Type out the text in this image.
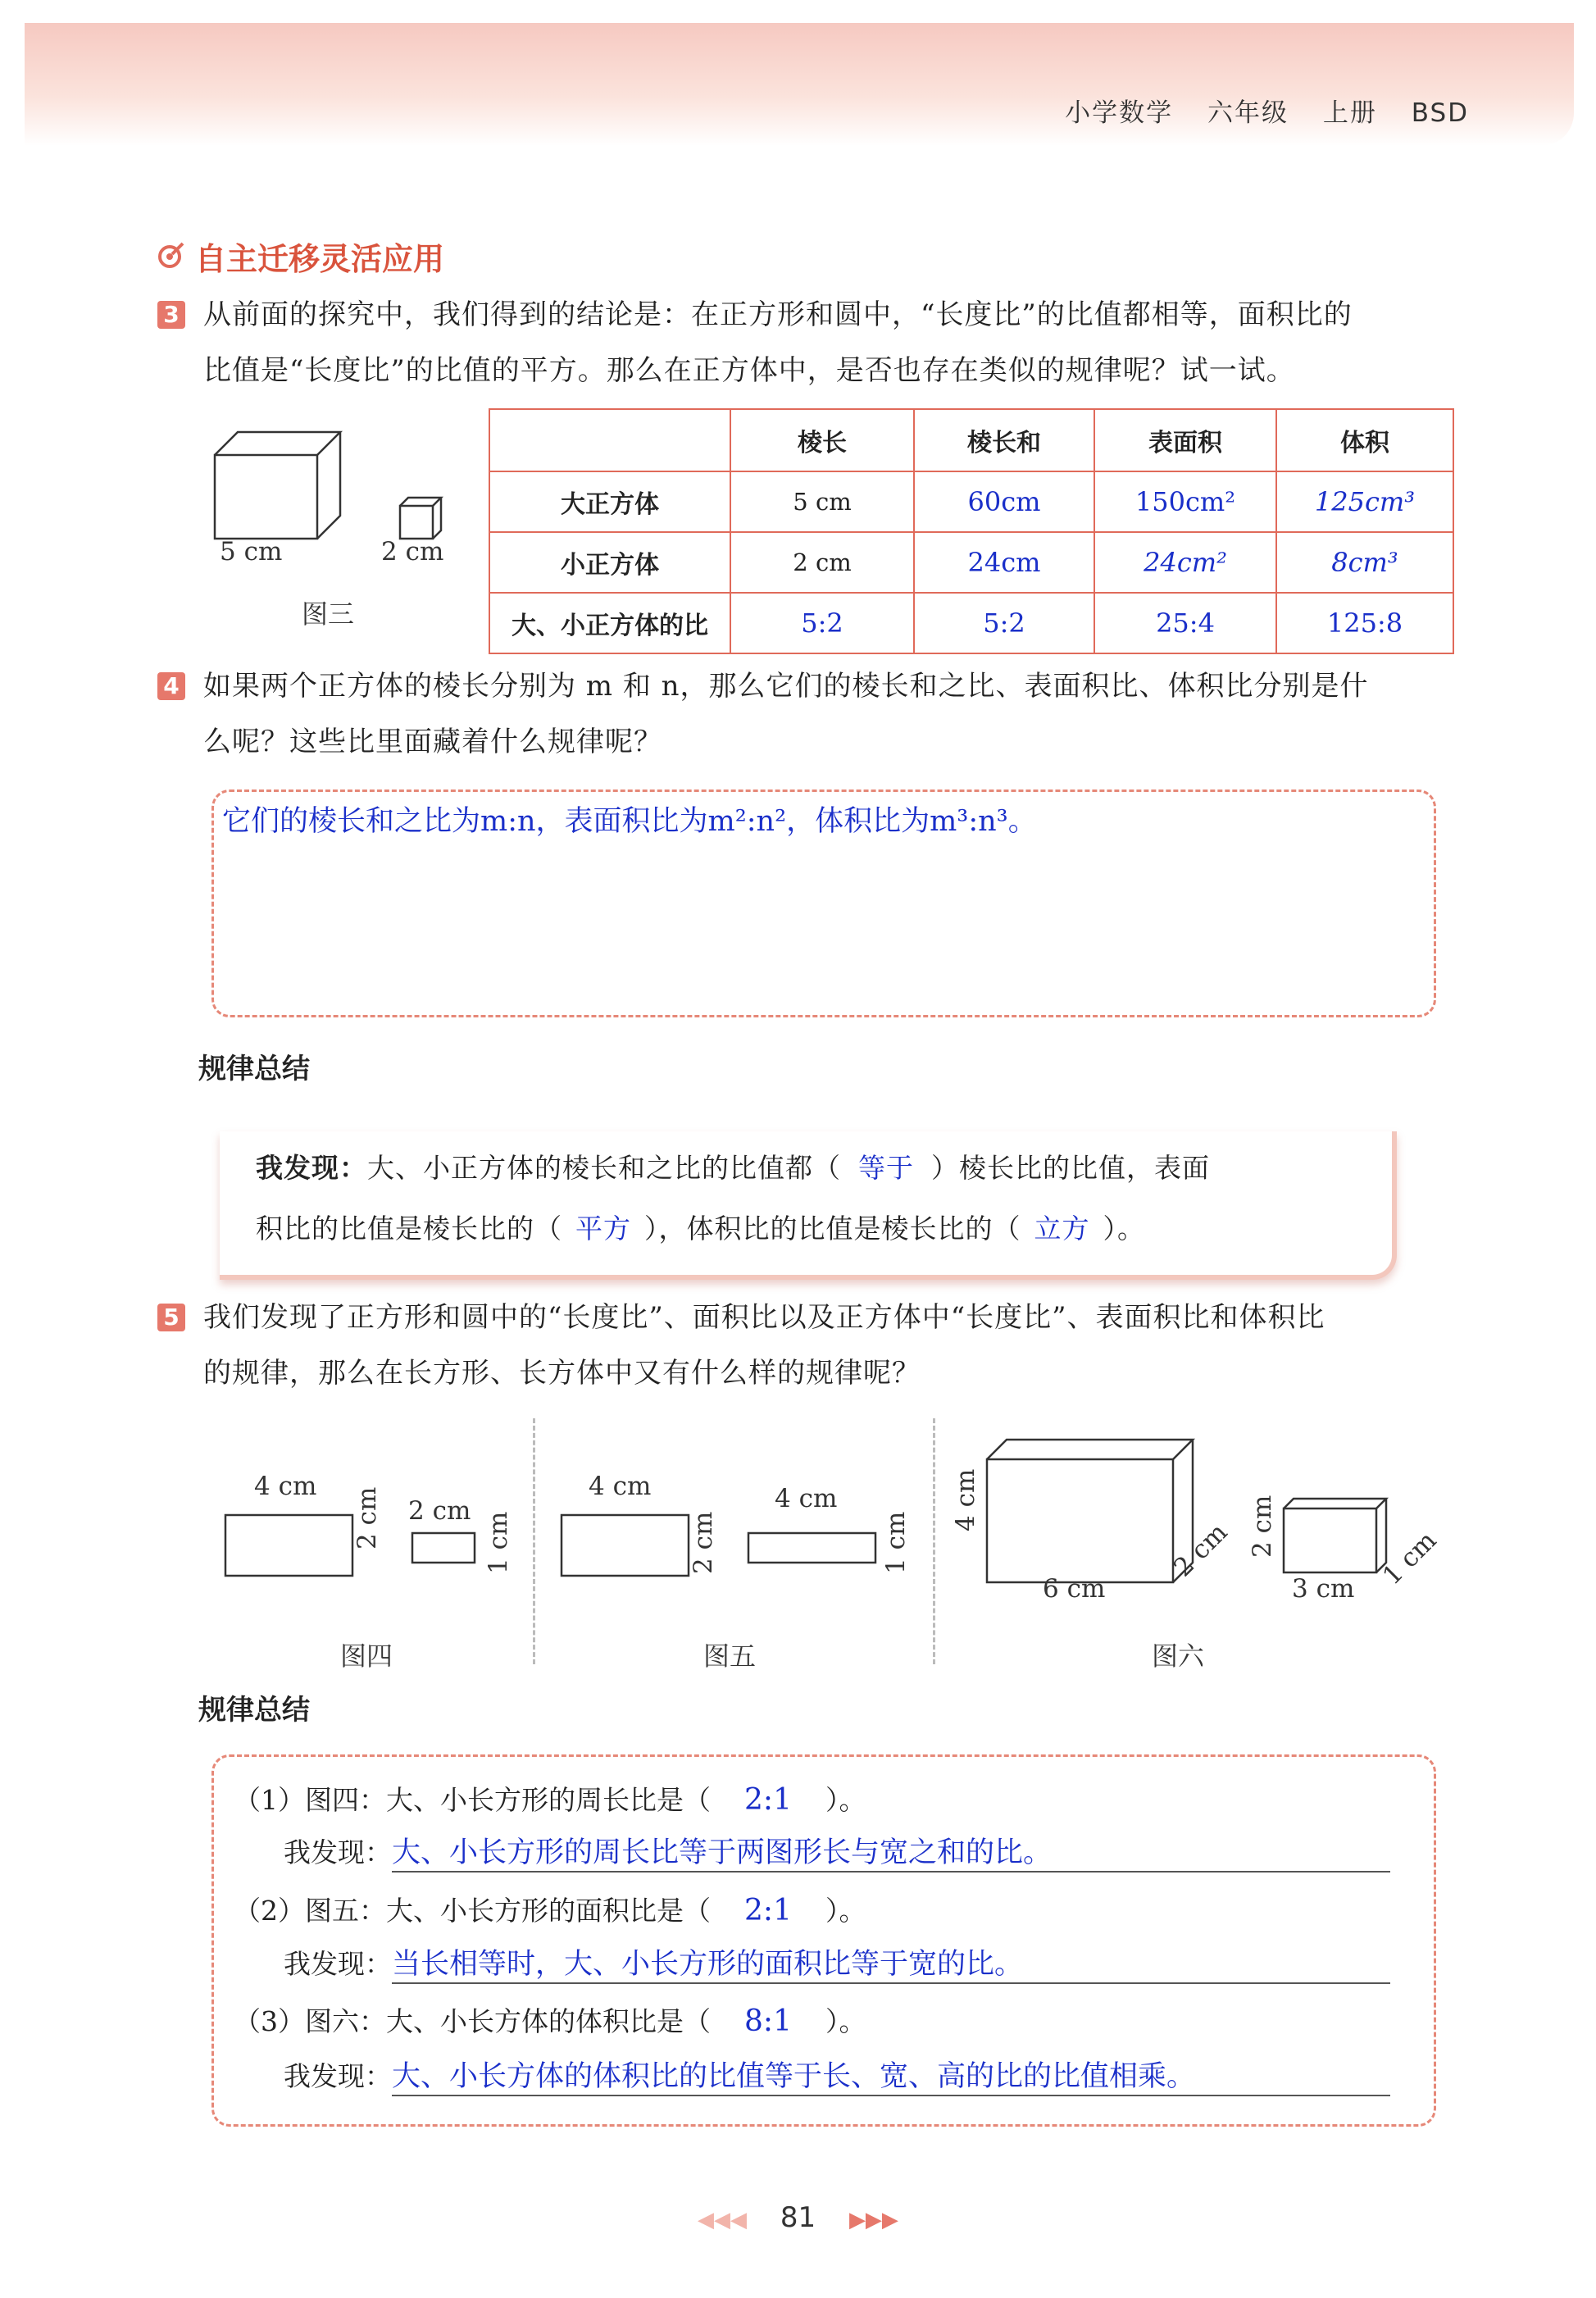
小学数学 六年级 上册 BSD
自主迁移灵活应用
3 从前面的探究中，我们得到的结论是：在正方形和圆中，“长度比”的比值都相等，面积比的
比值是“长度比”的比值的平方。那么在正方体中，是否也存在类似的规律呢？试一试。
5 cm	2 cm
图三
	棱长	棱长和	表面积	体积
大正方体	5 cm	60cm	150cm²	125cm³
小正方体	2 cm	24cm	24cm²	8cm³
大、小正方体的比	5:2	5:2	25:4	125:8
4 如果两个正方体的棱长分别为 m 和 n，那么它们的棱长和之比、表面积比、体积比分别是什
么呢？这些比里面藏着什么规律呢？
它们的棱长和之比为m:n，表面积比为m²:n²，体积比为m³:n³。
规律总结
我发现：大、小正方体的棱长和之比的比值都（ 等于 ）棱长比的比值，表面
积比的比值是棱长比的（ 平方 ），体积比的比值是棱长比的（ 立方 ）。
5 我们发现了正方形和圆中的“长度比”、面积比以及正方体中“长度比”、表面积比和体积比
的规律，那么在长方形、长方体中又有什么样的规律呢？
4 cm
2 cm 2 cm
1 cm
图四
4 cm
2 cm
4 cm
1 cm
图五
4 cm
6 cm
2 cm 2 cm
3 cm 1 cm
图六
规律总结
（1）图四：大、小长方形的周长比是（ 2:1 ）。
我发现：大、小长方形的周长比等于两图形长与宽之和的比。
（2）图五：大、小长方形的面积比是（ 2:1 ）。
我发现：当长相等时，大、小长方形的面积比等于宽的比。
（3）图六：大、小长方体的体积比是（ 8:1 ）。
我发现：大、小长方体的体积比的比值等于长、宽、高的比的比值相乘。
◀◀◀ 81 ▶▶▶
